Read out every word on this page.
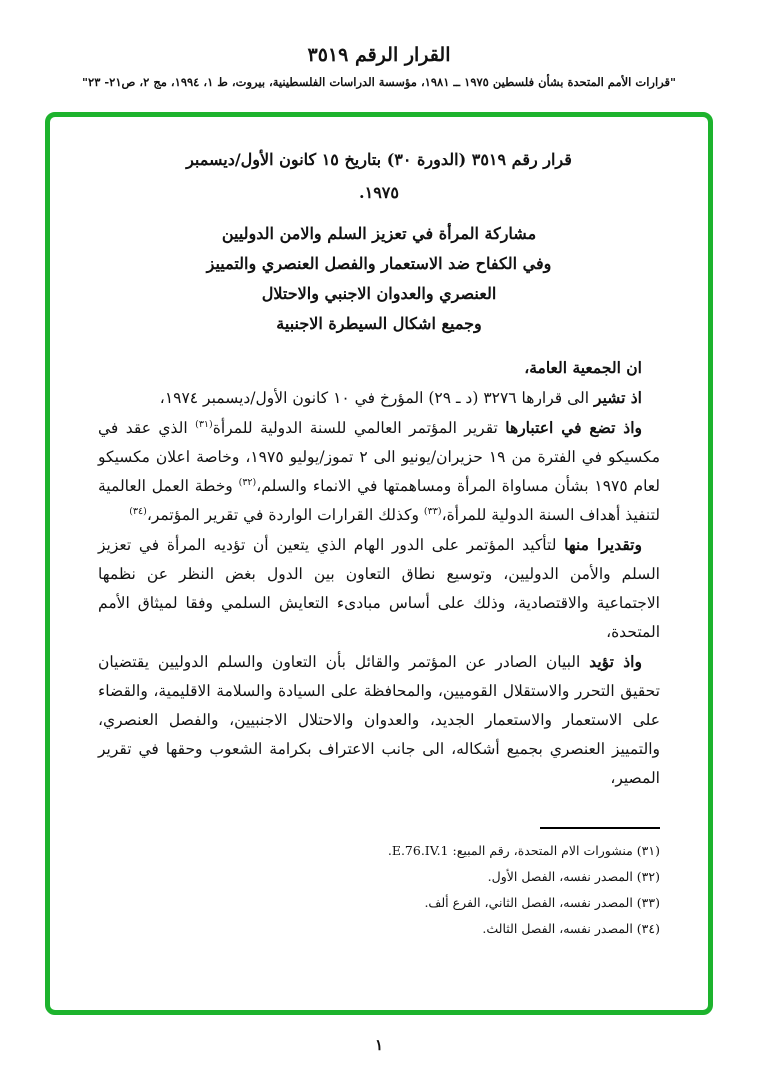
القرار الرقم ٣٥١٩
"قرارات الأمم المتحدة بشأن فلسطين ١٩٧٥ ــ ١٩٨١، مؤسسة الدراسات الفلسطينية، بيروت، ط ١، ١٩٩٤، مج ٢، ص٢١- ٢٣"
قرار رقم ٣٥١٩ (الدورة ٣٠) بتاريخ ١٥ كانون الأول/ديسمبر
١٩٧٥.
مشاركة المرأة في تعزيز السلم والامن الدوليين
وفي الكفاح ضد الاستعمار والفصل العنصري والتمييز
العنصري والعدوان الاجنبي والاحتلال
وجميع اشكال السيطرة الاجنبية

ان الجمعية العامة،

اذ تشير الى قرارها ٣٢٧٦ (د ـ ٢٩) المؤرخ في ١٠ كانون الأول/ديسمبر ١٩٧٤،

واذ تضع في اعتبارها تقرير المؤتمر العالمي للسنة الدولية للمرأة$^{(٣١)}$ الذي عقد في مكسيكو في الفترة من ١٩ حزيران/يونيو الى ٢ تموز/يوليو ١٩٧٥، وخاصة اعلان مكسيكو لعام ١٩٧٥ بشأن مساواة المرأة ومساهمتها في الانماء والسلم،$^{(٣٢)}$ وخطة العمل العالمية لتنفيذ أهداف السنة الدولية للمرأة،$^{(٣٣)}$ وكذلك القرارات الواردة في تقرير المؤتمر،$^{(٣٤)}$

وتقديرا منها لتأكيد المؤتمر على الدور الهام الذي يتعين أن تؤديه المرأة في تعزيز السلم والأمن الدوليين، وتوسيع نطاق التعاون بين الدول بغض النظر عن نظمها الاجتماعية والاقتصادية، وذلك على أساس مبادىء التعايش السلمي وفقا لميثاق الأمم المتحدة،

واذ تؤيد البيان الصادر عن المؤتمر والقائل بأن التعاون والسلم الدوليين يقتضيان تحقيق التحرر والاستقلال القوميين، والمحافظة على السيادة والسلامة الاقليمية، والقضاء على الاستعمار والاستعمار الجديد، والعدوان والاحتلال الاجنبيين، والفصل العنصري، والتمييز العنصري بجميع أشكاله، الى جانب الاعتراف بكرامة الشعوب وحقها في تقرير المصير،

(٣١) منشورات الام المتحدة، رقم المبيع: E.76.IV.1.
(٣٢) المصدر نفسه، الفصل الأول.
(٣٣) المصدر نفسه، الفصل الثاني، الفرع ألف.
(٣٤) المصدر نفسه، الفصل الثالث.
١
